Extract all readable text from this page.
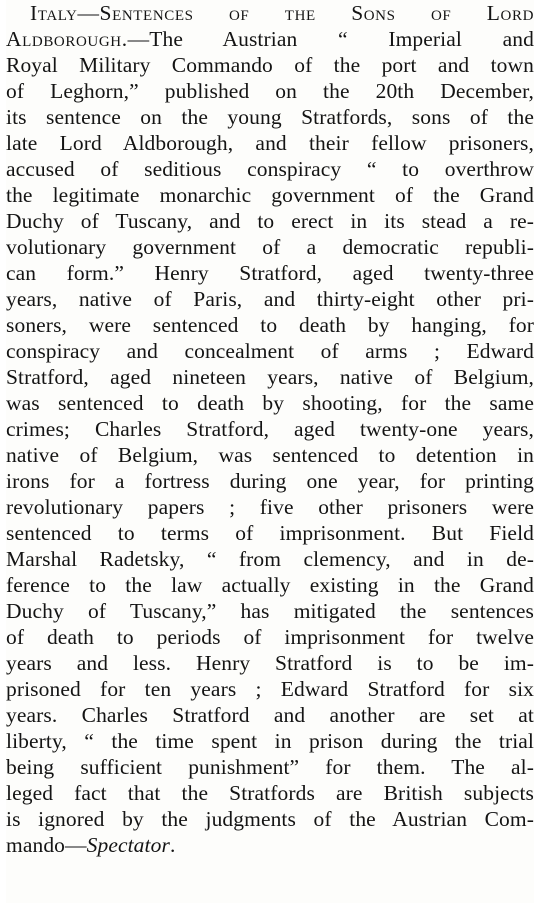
Italy—Sentences of the Sons of Lord
Aldborough.—The Austrian “ Imperial and
Royal Military Commando of the port and town
of Leghorn,” published on the 20th December,
its sentence on the young Stratfords, sons of the
late Lord Aldborough, and their fellow prisoners,
accused of seditious conspiracy “ to overthrow
the legitimate monarchic government of the Grand
Duchy of Tuscany, and to erect in its stead a re-
volutionary government of a democratic republi-
can form.” Henry Stratford, aged twenty-three
years, native of Paris, and thirty-eight other pri-
soners, were sentenced to death by hanging, for
conspiracy and concealment of arms ; Edward
Stratford, aged nineteen years, native of Belgium,
was sentenced to death by shooting, for the same
crimes; Charles Stratford, aged twenty-one years,
native of Belgium, was sentenced to detention in
irons for a fortress during one year, for printing
revolutionary papers ; five other prisoners were
sentenced to terms of imprisonment. But Field
Marshal Radetsky, “ from clemency, and in de-
ference to the law actually existing in the Grand
Duchy of Tuscany,” has mitigated the sentences
of death to periods of imprisonment for twelve
years and less. Henry Stratford is to be im-
prisoned for ten years ; Edward Stratford for six
years. Charles Stratford and another are set at
liberty, “ the time spent in prison during the trial
being sufficient punishment” for them. The al-
leged fact that the Stratfords are British subjects
is ignored by the judgments of the Austrian Com-
mando—Spectator.
